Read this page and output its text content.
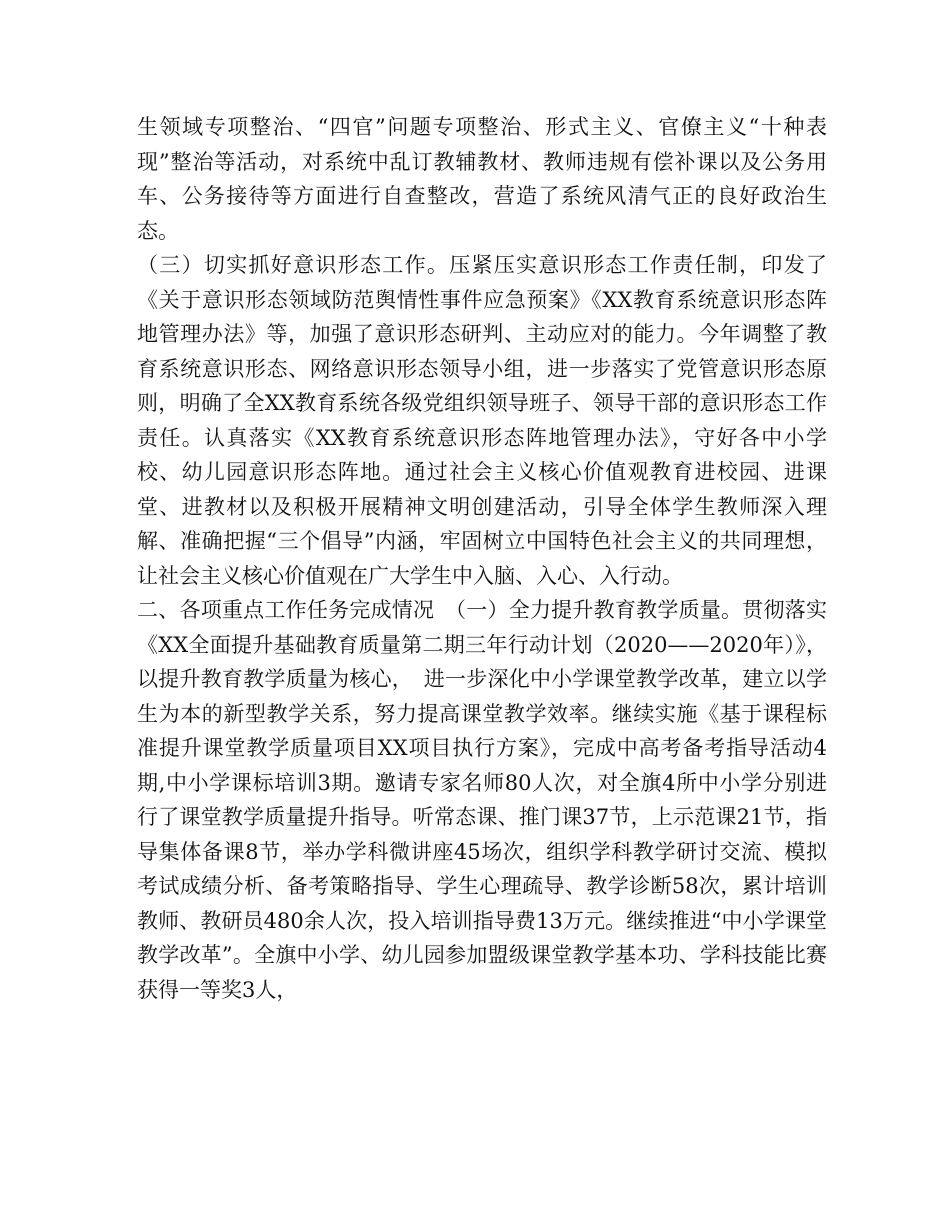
生领域专项整治、“四官”问题专项整治、形式主义、官僚主义“十种表现”整治等活动，对系统中乱订教辅教材、教师违规有偿补课以及公务用车、公务接待等方面进行自查整改，营造了系统风清气正的良好政治生态。

（三）切实抓好意识形态工作。压紧压实意识形态工作责任制，印发了《关于意识形态领域防范舆情性事件应急预案》《XX教育系统意识形态阵地管理办法》等，加强了意识形态研判、主动应对的能力。今年调整了教育系统意识形态、网络意识形态领导小组，进一步落实了党管意识形态原则，明确了全XX教育系统各级党组织领导班子、领导干部的意识形态工作责任。认真落实《XX教育系统意识形态阵地管理办法》，守好各中小学校、幼儿园意识形态阵地。通过社会主义核心价值观教育进校园、进课堂、进教材以及积极开展精神文明创建活动，引导全体学生教师深入理解、准确把握“三个倡导”内涵，牢固树立中国特色社会主义的共同理想，让社会主义核心价值观在广大学生中入脑、入心、入行动。

二、各项重点工作任务完成情况　（一）全力提升教育教学质量。贯彻落实《XX全面提升基础教育质量第二期三年行动计划（2020——2020年）》，以提升教育教学质量为核心，　进一步深化中小学课堂教学改革，建立以学生为本的新型教学关系，努力提高课堂教学效率。继续实施《基于课程标准提升课堂教学质量项目XX项目执行方案》，完成中高考备考指导活动4期,中小学课标培训3期。邀请专家名师80人次，对全旗4所中小学分别进行了课堂教学质量提升指导。听常态课、推门课37节，上示范课21节，指导集体备课8节，举办学科微讲座45场次，组织学科教学研讨交流、模拟考试成绩分析、备考策略指导、学生心理疏导、教学诊断58次，累计培训教师、教研员480余人次，投入培训指导费13万元。继续推进“中小学课堂教学改革”。全旗中小学、幼儿园参加盟级课堂教学基本功、学科技能比赛获得一等奖3人，
